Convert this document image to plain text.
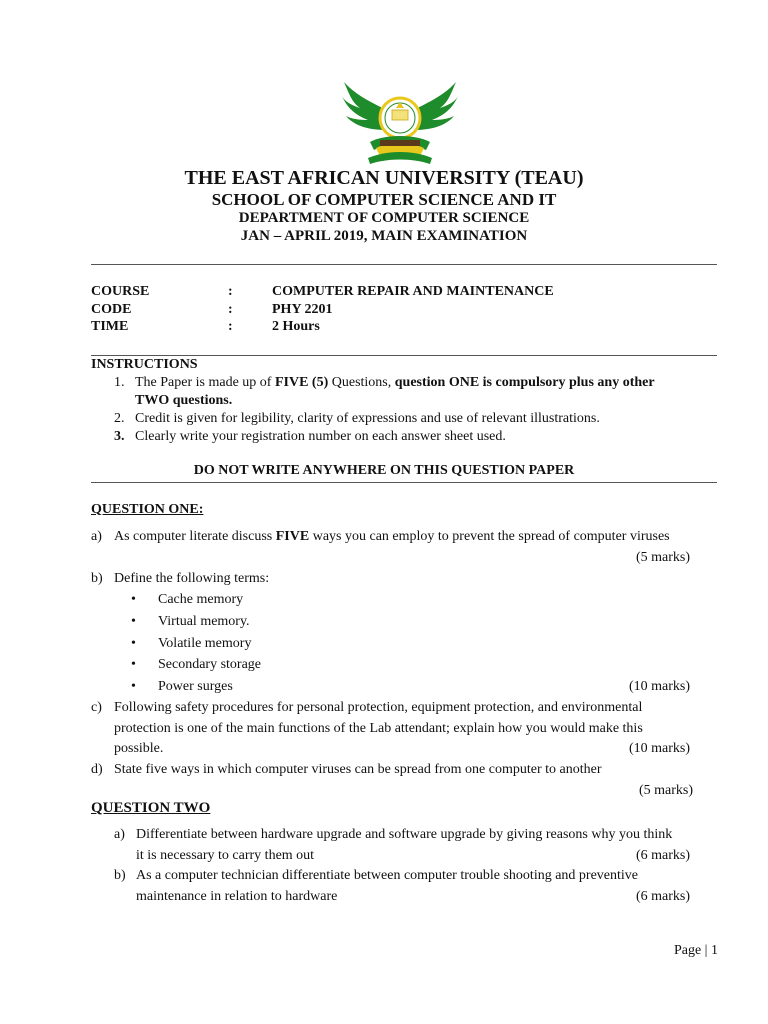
THE EAST AFRICAN UNIVERSITY (TEAU)
SCHOOL OF COMPUTER SCIENCE AND IT
DEPARTMENT OF COMPUTER SCIENCE
JAN – APRIL 2019, MAIN EXAMINATION
COURSE	:	COMPUTER REPAIR AND MAINTENANCE
CODE	:	PHY 2201
TIME	:	2 Hours
INSTRUCTIONS
1. The Paper is made up of FIVE (5) Questions, question ONE is compulsory plus any other
TWO questions.
2. Credit is given for legibility, clarity of expressions and use of relevant illustrations.
3. Clearly write your registration number on each answer sheet used.
DO NOT WRITE ANYWHERE ON THIS QUESTION PAPER
QUESTION ONE:
a) As computer literate discuss FIVE ways you can employ to prevent the spread of computer viruses
(5 marks)
b) Define the following terms:
• Cache memory
• Virtual memory.
• Volatile memory
• Secondary storage
• Power surges	(10 marks)
c) Following safety procedures for personal protection, equipment protection, and environmental
protection is one of the main functions of the Lab attendant; explain how you would make this
possible.	(10 marks)
d) State five ways in which computer viruses can be spread from one computer to another
(5 marks)
QUESTION TWO
a) Differentiate between hardware upgrade and software upgrade by giving reasons why you think
it is necessary to carry them out	(6 marks)
b) As a computer technician differentiate between computer trouble shooting and preventive
maintenance in relation to hardware	(6 marks)
Page | 1
